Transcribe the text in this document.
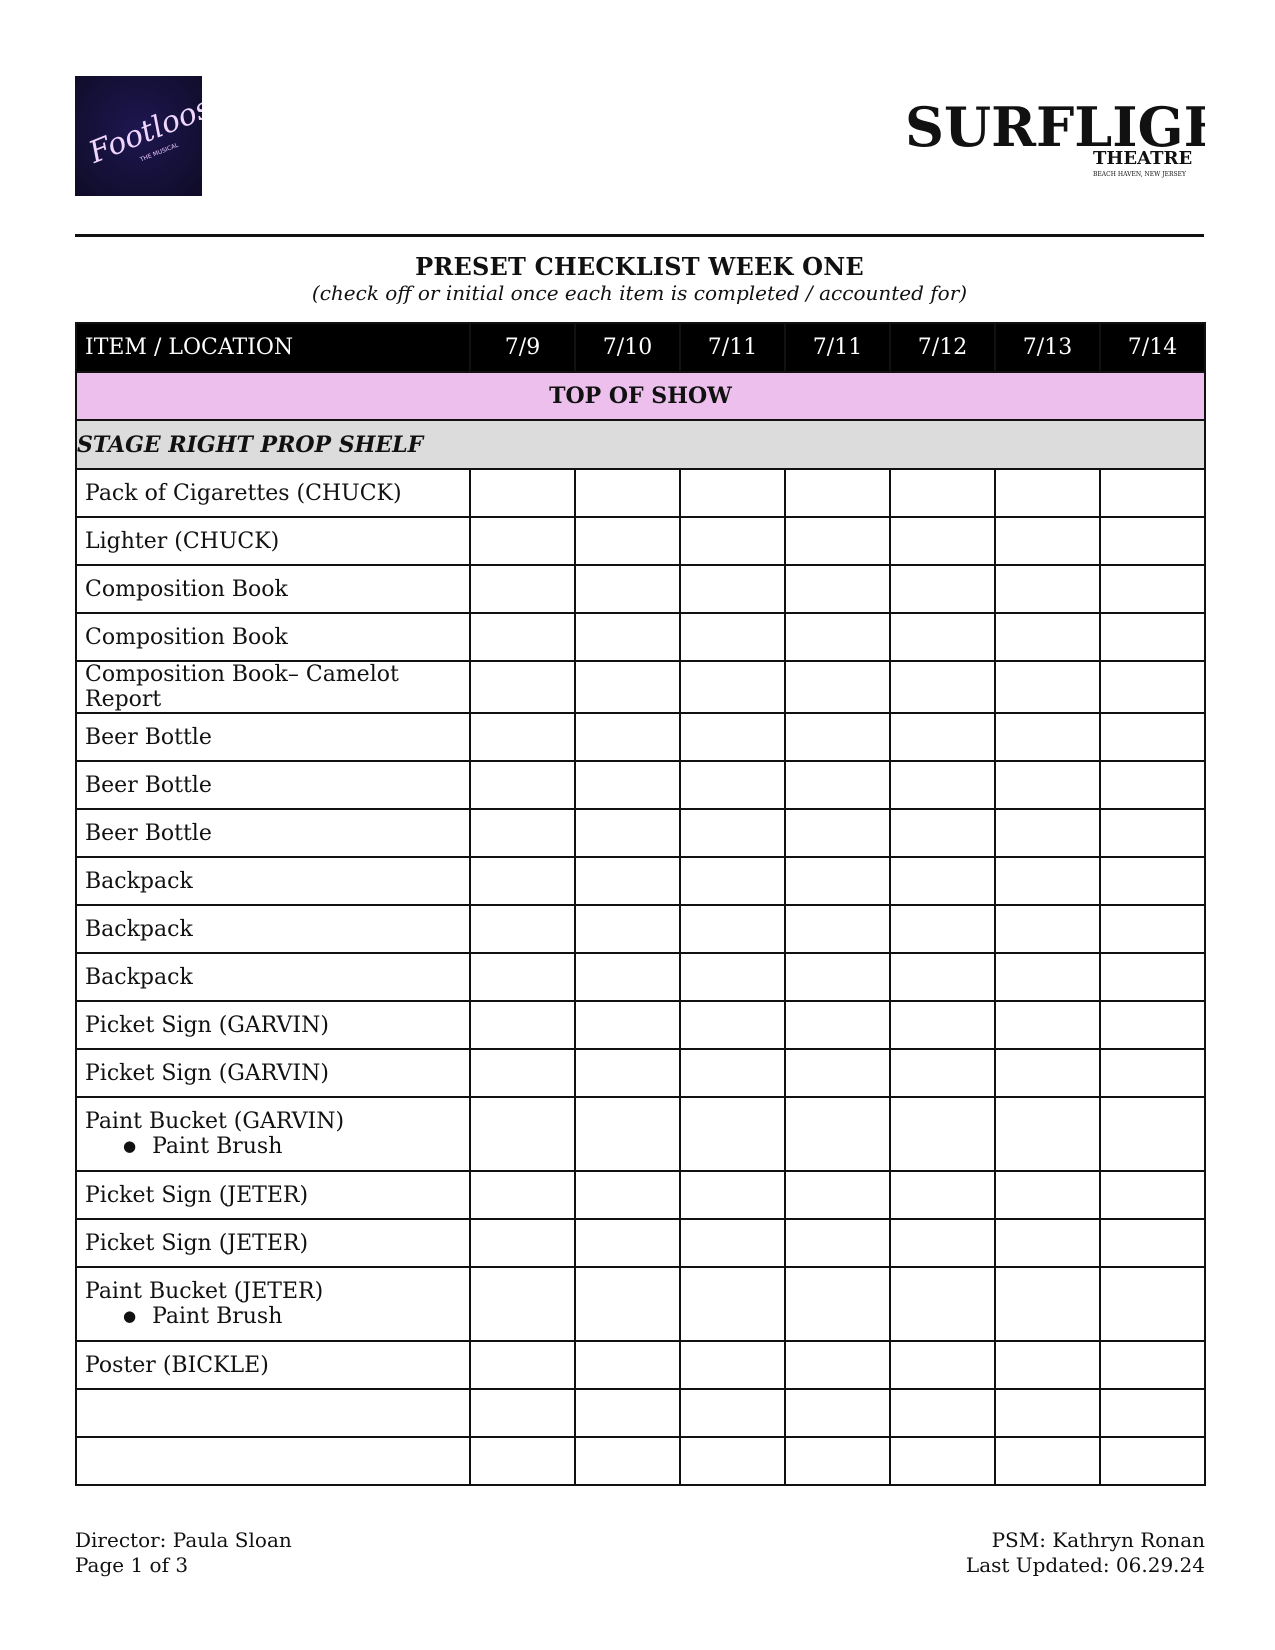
Footloose
THE MUSICAL	SURFLIG
THEATRE
BEACH HAVEN, NEW JERSEY
PRESET CHECKLIST WEEK ONE
(check off or initial once each item is completed / accounted for)
ITEM / LOCATION	7/9	7/10	7/11	7/11	7/12	7/13	7/14
TOP OF SHOW							
STAGE RIGHT PROP SHELF							
Pack of Cigarettes (CHUCK)							
Lighter (CHUCK)							
Composition Book							
Composition Book							
Composition Book– Camelot Report							
Beer Bottle							
Beer Bottle							
Beer Bottle							
Backpack							
Backpack							
Backpack							
Picket Sign (GARVIN)							
Picket Sign (GARVIN)							
Paint Bucket (GARVIN)
● Paint Brush

Picket Sign (JETER)							
Picket Sign (JETER)							
Paint Bucket (JETER)
● Paint Brush

Poster (BICKLE)							

Director: Paula Sloan
Page 1 of 3
PSM: Kathryn Ronan
Last Updated: 06.29.24
